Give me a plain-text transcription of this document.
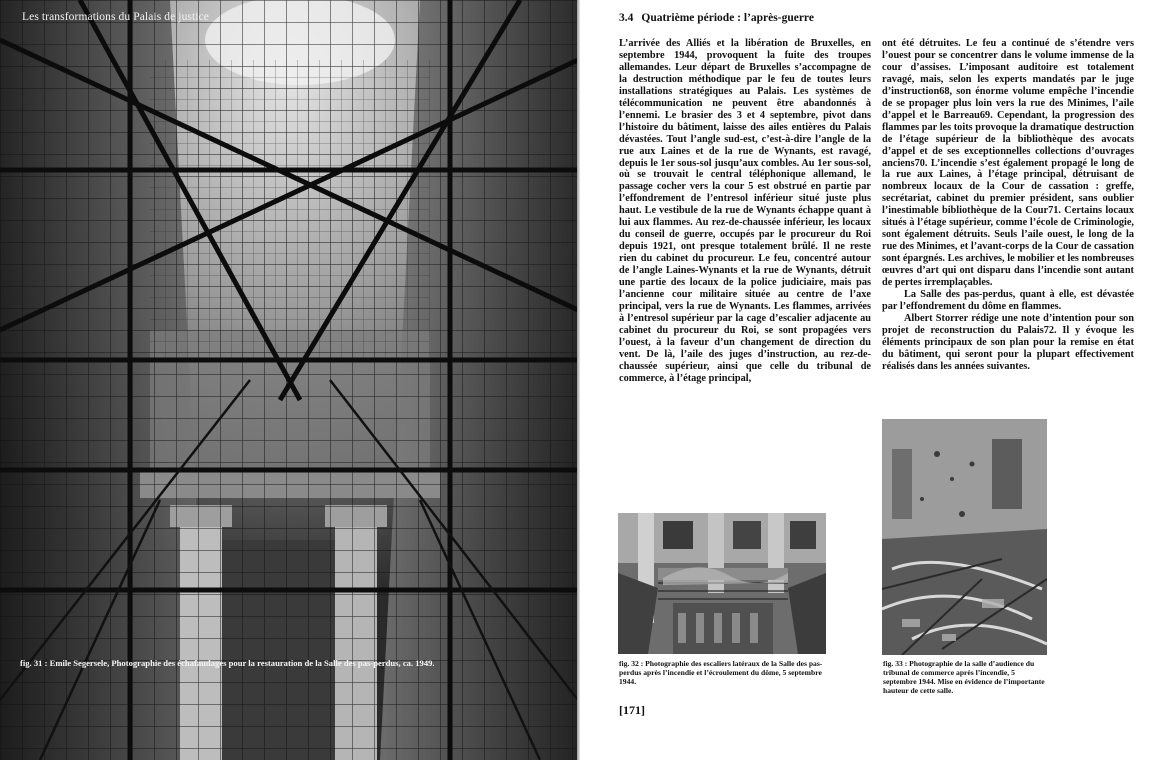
Les transformations du Palais de justice
fig. 31 : Emile Segersele, Photographie des échafaudages pour la restauration de la Salle des pas-perdus, ca. 1949.
3.4 Quatrième période : l’après-guerre

L’arrivée des Alliés et la libération de Bruxelles, en septembre 1944, provoquent la fuite des troupes allemandes. Leur départ de Bruxelles s’accompagne de la destruction méthodique par le feu de toutes leurs installations stratégiques au Palais. Les systèmes de télécommunication ne peuvent être abandonnés à l’ennemi. Le brasier des 3 et 4 septembre, pivot dans l’histoire du bâtiment, laisse des ailes entières du Palais dévastées. Tout l’angle sud-est, c’est-à-dire l’angle de la rue aux Laines et de la rue de Wynants, est ravagé, depuis le 1er sous-sol jusqu’aux combles. Au 1er sous-sol, où se trouvait le central téléphonique allemand, le passage cocher vers la cour 5 est obstrué en partie par l’effondrement de l’entresol inférieur situé juste plus haut. Le vestibule de la rue de Wynants échappe quant à lui aux flammes. Au rez-de-chaussée inférieur, les locaux du conseil de guerre, occupés par le procureur du Roi depuis 1921, ont presque totalement brûlé. Il ne reste rien du cabinet du procureur. Le feu, concentré autour de l’angle Laines-Wynants et la rue de Wynants, détruit une partie des locaux de la police judiciaire, mais pas l’ancienne cour militaire située au centre de l’axe principal, vers la rue de Wynants. Les flammes, arrivées à l’entresol supérieur par la cage d’escalier adjacente au cabinet du procureur du Roi, se sont propagées vers l’ouest, à la faveur d’un changement de direction du vent. De là, l’aile des juges d’instruction, au rez-de-chaussée supérieur, ainsi que celle du tribunal de commerce, à l’étage principal,

ont été détruites. Le feu a continué de s’étendre vers l’ouest pour se concentrer dans le volume immense de la cour d’assises. L’imposant auditoire est totalement ravagé, mais, selon les experts mandatés par le juge d’instruction68, son énorme volume empêche l’incendie de se propager plus loin vers la rue des Minimes, l’aile d’appel et le Barreau69. Cependant, la progression des flammes par les toits provoque la dramatique destruction de l’étage supérieur de la bibliothèque des avocats d’appel et de ses exceptionnelles collections d’ouvrages anciens70. L’incendie s’est également propagé le long de la rue aux Laines, à l’étage principal, détruisant de nombreux locaux de la Cour de cassation : greffe, secrétariat, cabinet du premier président, sans oublier l’inestimable bibliothèque de la Cour71. Certains locaux situés à l’étage supérieur, comme l’école de Criminologie, sont également détruits. Seuls l’aile ouest, le long de la rue des Minimes, et l’avant-corps de la Cour de cassation sont épargnés. Les archives, le mobilier et les nombreuses œuvres d’art qui ont disparu dans l’incendie sont autant de pertes irremplaçables.

La Salle des pas-perdus, quant à elle, est dévastée par l’effondrement du dôme en flammes.

Albert Storrer rédige une note d’intention pour son projet de reconstruction du Palais72. Il y évoque les éléments principaux de son plan pour la remise en état du bâtiment, qui seront pour la plupart effectivement réalisés dans les années suivantes.

fig. 32 : Photographie des escaliers latéraux de la Salle des pas-perdus après l’incendie et l’écroulement du dôme, 5 septembre 1944.
fig. 33 : Photographie de la salle d’audience du tribunal de commerce après l’incendie, 5 septembre 1944. Mise en évidence de l’importante hauteur de cette salle.
[171]
